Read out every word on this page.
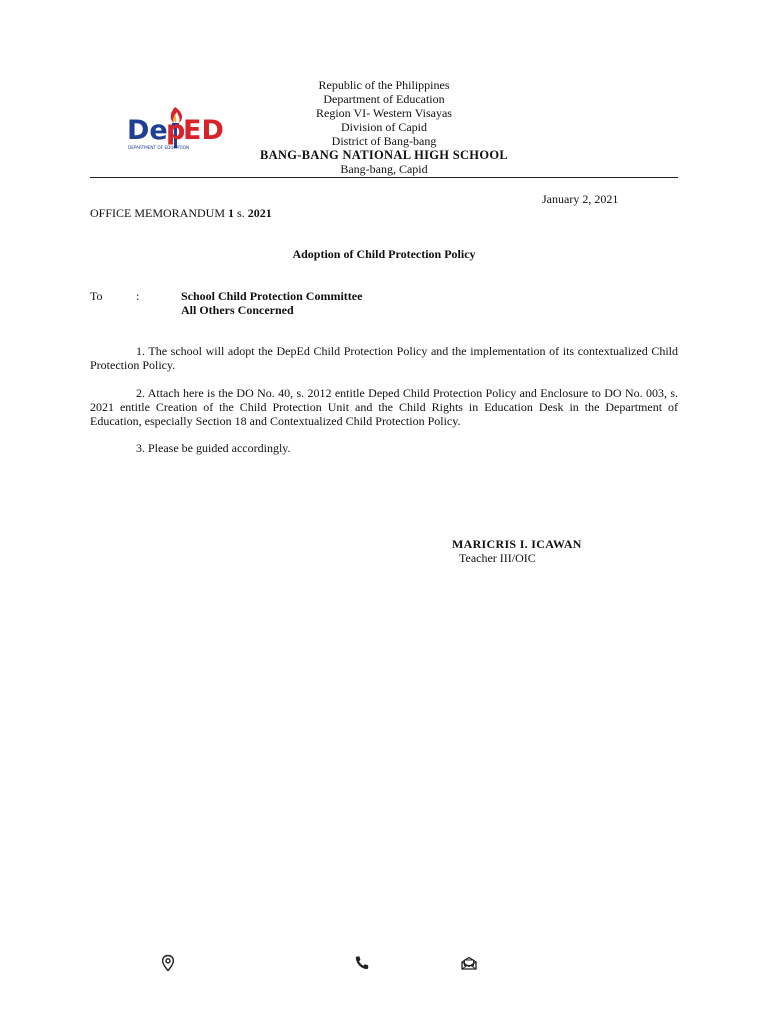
De
p
ED
DEPARTMENT OF EDUCATION
Republic of the Philippines
Department of Education
Region VI- Western Visayas
Division of Capid
District of Bang-bang
BANG-BANG NATIONAL HIGH SCHOOL
Bang-bang, Capid
January 2, 2021
OFFICE MEMORANDUM 1 s. 2021
Adoption of Child Protection Policy
To	:	School Child Protection Committee
All Others Concerned
1. The school will adopt the DepEd Child Protection Policy and the implementation of its contextualized Child Protection Policy.
2. Attach here is the DO No. 40, s. 2012 entitle Deped Child Protection Policy and Enclosure to DO No. 003, s. 2021 entitle Creation of the Child Protection Unit and the Child Rights in Education Desk in the Department of Education, especially Section 18 and Contextualized Child Protection Policy.
3. Please be guided accordingly.
MARICRIS I. ICAWAN
Teacher III/OIC
